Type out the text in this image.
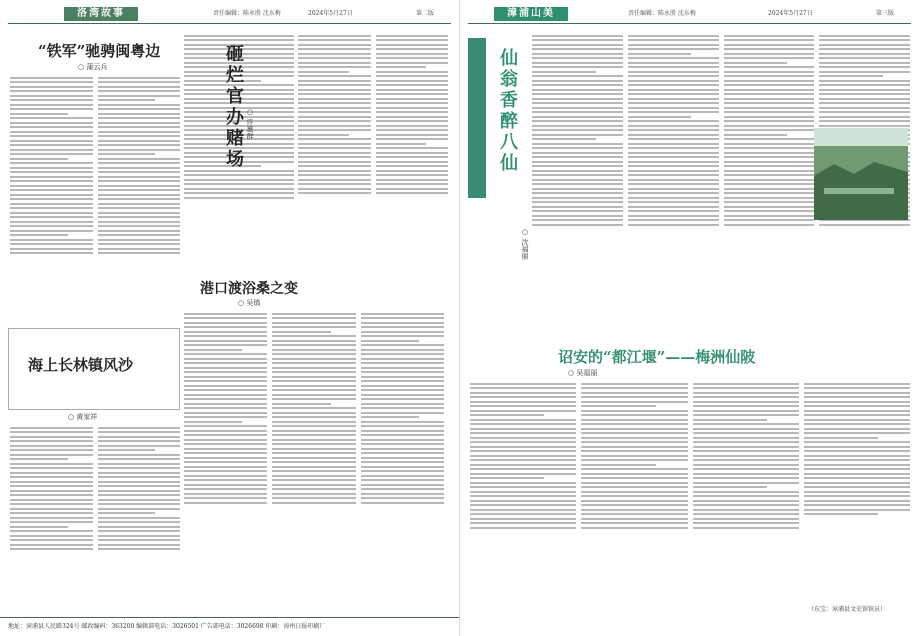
洛湾故事	责任编辑：陈永胜 沈东梅	2024年5月27日	第二版
“铁军”驰骋闽粤边
○ 蒲云兵	砸烂官办赌场 ○ 许惠群
海上长林镇风沙
○ 黄家祥
港口渡浴桑之变
○ 吴镇
地址：漳浦县人民路324号 邮政编码：363200 编辑部电话：3026501 广告部电话：3026698 印刷：漳州日报印刷厂
漳浦山美	责任编辑：陈永胜 沈东梅	2024年5月27日	第三版
仙翁香醉八仙
○ 沈福丽
诏安的“都江堰”——梅洲仙陂
○ 吴福丽
（东宝：漳浦县文史馆馆员）
